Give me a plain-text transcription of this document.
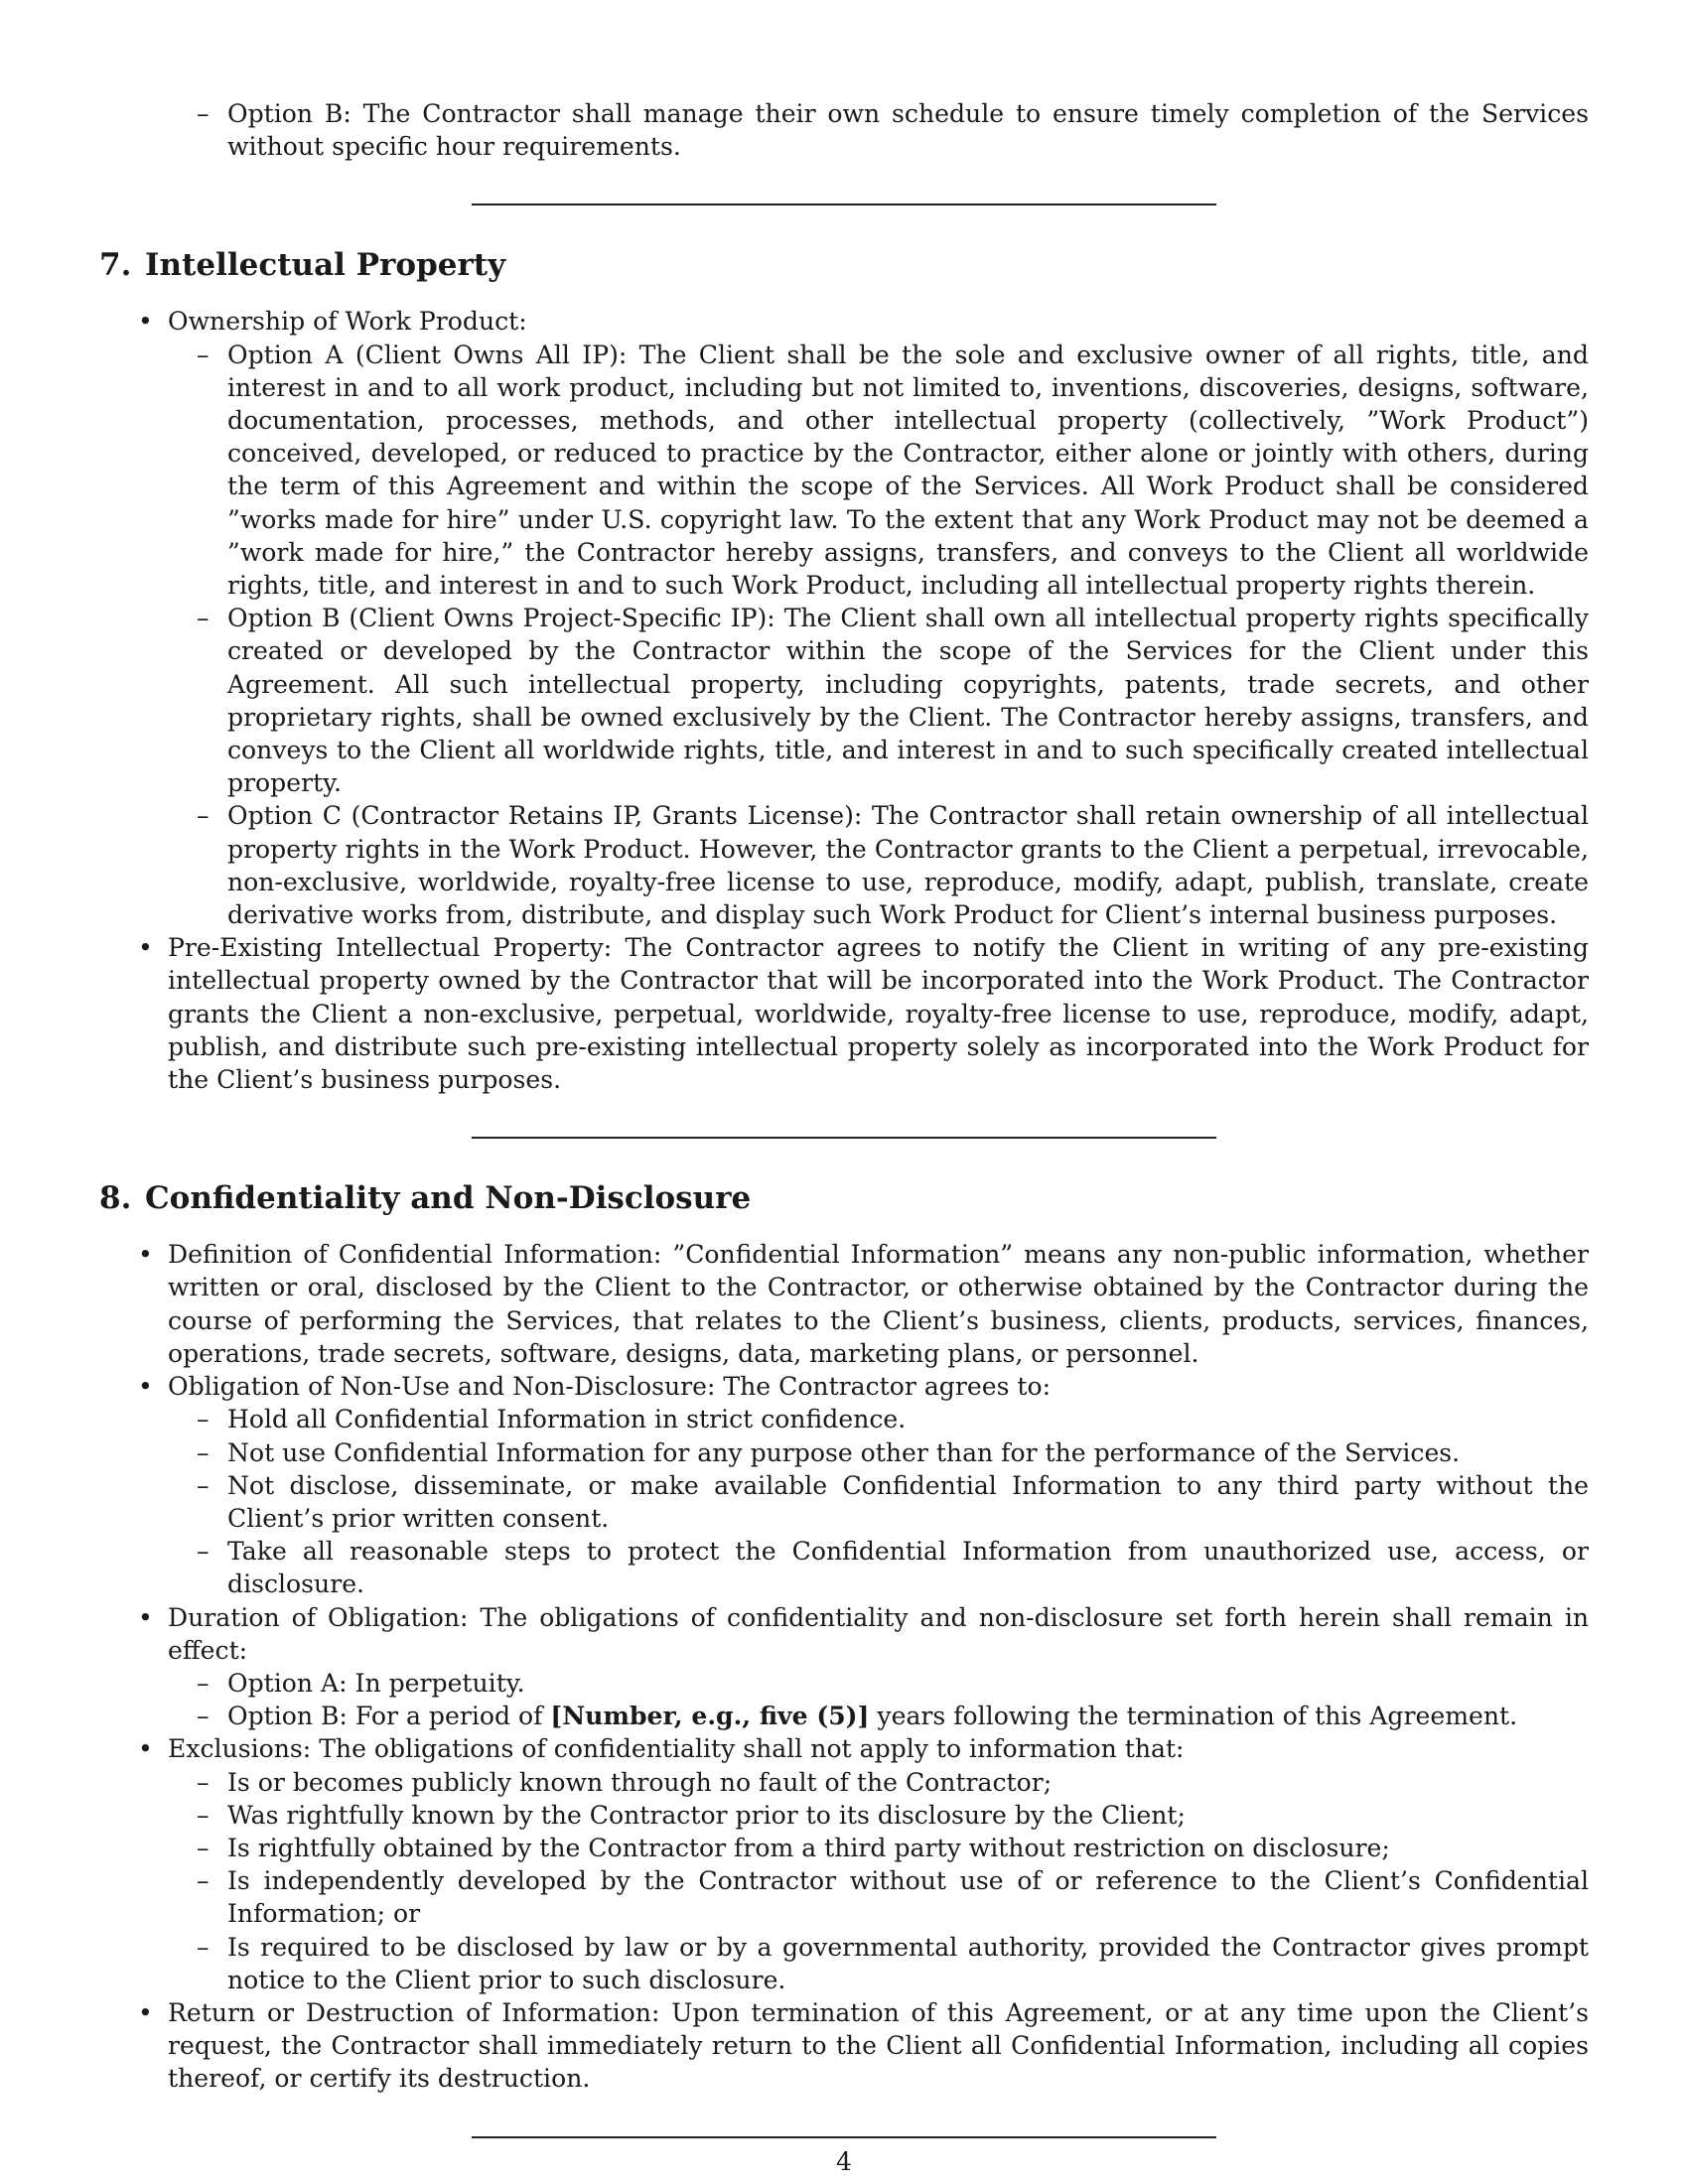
– Option B: The Contractor shall manage their own schedule to ensure timely completion of the Services without specific hour requirements.
7. Intellectual Property
• Ownership of Work Product:
– Option A (Client Owns All IP): The Client shall be the sole and exclusive owner of all rights, title, and interest in and to all work product, including but not limited to, inventions, discoveries, designs, software, documentation, processes, methods, and other intellectual property (collectively, ”Work Product”) conceived, developed, or reduced to practice by the Contractor, either alone or jointly with others, during the term of this Agreement and within the scope of the Services. All Work Product shall be considered ”works made for hire” under U.S. copyright law. To the extent that any Work Product may not be deemed a ”work made for hire,” the Contractor hereby assigns, transfers, and conveys to the Client all worldwide rights, title, and interest in and to such Work Product, including all intellectual property rights therein.
– Option B (Client Owns Project-Specific IP): The Client shall own all intellectual property rights specifically created or developed by the Contractor within the scope of the Services for the Client under this Agreement. All such intellectual property, including copyrights, patents, trade secrets, and other proprietary rights, shall be owned exclusively by the Client. The Contractor hereby assigns, transfers, and conveys to the Client all worldwide rights, title, and interest in and to such specifically created intellectual property.
– Option C (Contractor Retains IP, Grants License): The Contractor shall retain ownership of all intellectual property rights in the Work Product. However, the Contractor grants to the Client a perpetual, irrevocable, non-exclusive, worldwide, royalty-free license to use, reproduce, modify, adapt, publish, translate, create derivative works from, distribute, and display such Work Product for Client’s internal business purposes.
• Pre-Existing Intellectual Property: The Contractor agrees to notify the Client in writing of any pre-existing intellectual property owned by the Contractor that will be incorporated into the Work Product. The Contractor grants the Client a non-exclusive, perpetual, worldwide, royalty-free license to use, reproduce, modify, adapt, publish, and distribute such pre-existing intellectual property solely as incorporated into the Work Product for the Client’s business purposes.
8. Confidentiality and Non-Disclosure
• Definition of Confidential Information: ”Confidential Information” means any non-public information, whether written or oral, disclosed by the Client to the Contractor, or otherwise obtained by the Contractor during the course of performing the Services, that relates to the Client’s business, clients, products, services, finances, operations, trade secrets, software, designs, data, marketing plans, or personnel.
• Obligation of Non-Use and Non-Disclosure: The Contractor agrees to:
– Hold all Confidential Information in strict confidence.
– Not use Confidential Information for any purpose other than for the performance of the Services.
– Not disclose, disseminate, or make available Confidential Information to any third party without the Client’s prior written consent.
– Take all reasonable steps to protect the Confidential Information from unauthorized use, access, or disclosure.
• Duration of Obligation: The obligations of confidentiality and non-disclosure set forth herein shall remain in effect:
– Option A: In perpetuity.
– Option B: For a period of [Number, e.g., five (5)] years following the termination of this Agreement.
• Exclusions: The obligations of confidentiality shall not apply to information that:
– Is or becomes publicly known through no fault of the Contractor;
– Was rightfully known by the Contractor prior to its disclosure by the Client;
– Is rightfully obtained by the Contractor from a third party without restriction on disclosure;
– Is independently developed by the Contractor without use of or reference to the Client’s Confidential Information; or
– Is required to be disclosed by law or by a governmental authority, provided the Contractor gives prompt notice to the Client prior to such disclosure.
• Return or Destruction of Information: Upon termination of this Agreement, or at any time upon the Client’s request, the Contractor shall immediately return to the Client all Confidential Information, including all copies thereof, or certify its destruction.
4
